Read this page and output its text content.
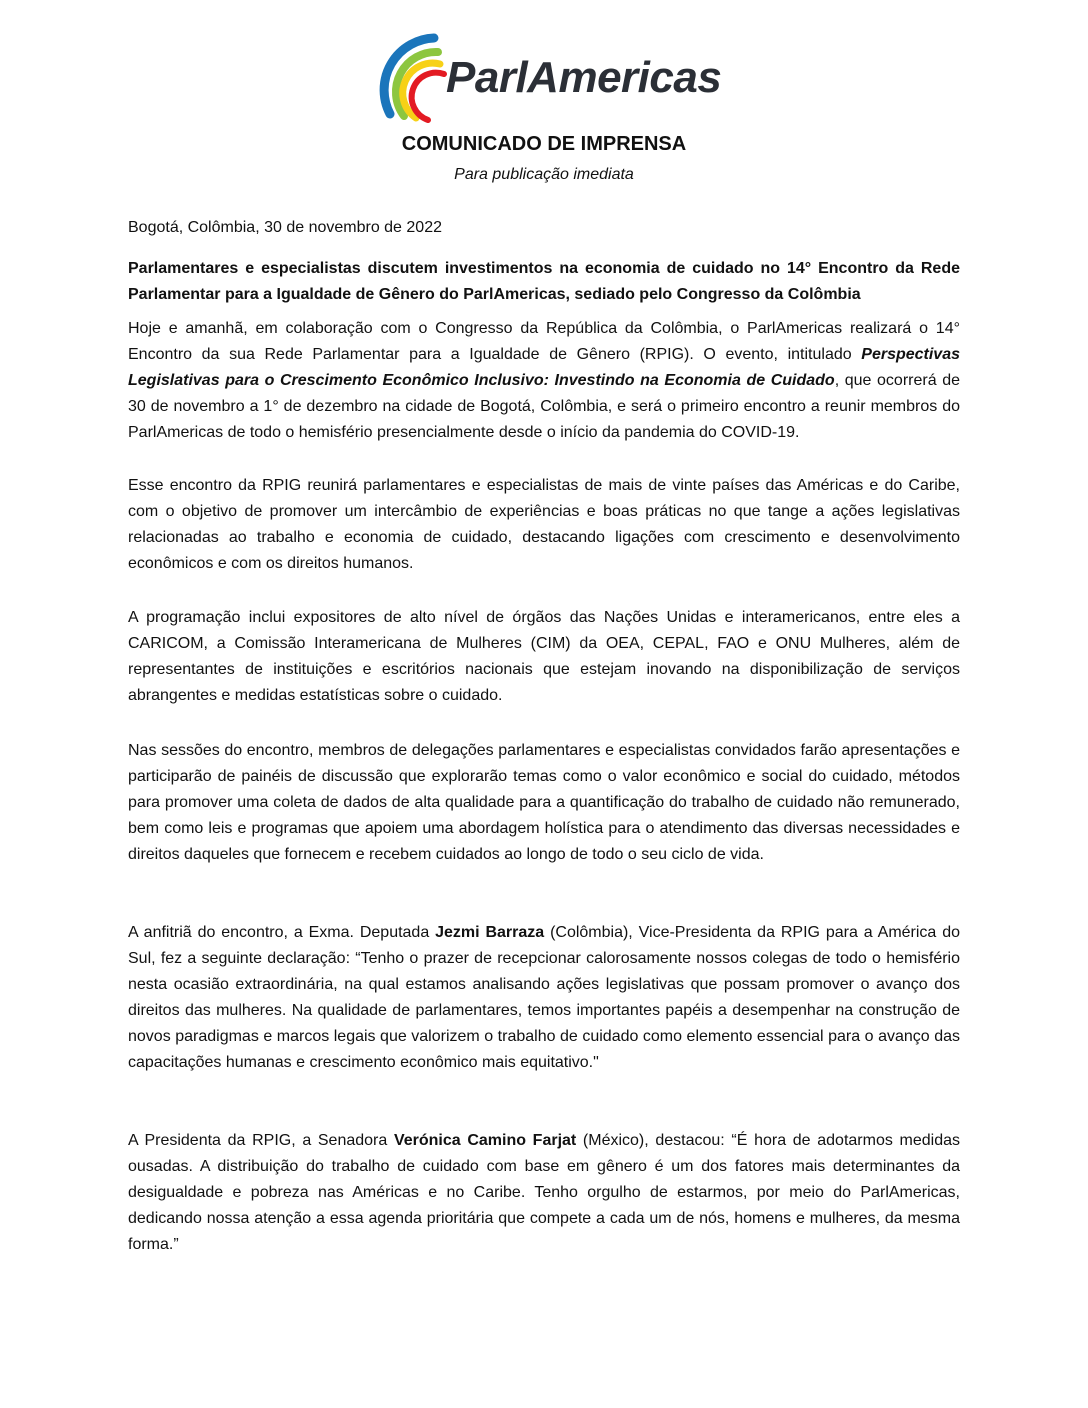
ParlAmericas
COMUNICADO DE IMPRENSA
Para publicação imediata
Bogotá, Colômbia, 30 de novembro de 2022
Parlamentares e especialistas discutem investimentos na economia de cuidado no 14° Encontro da Rede Parlamentar para a Igualdade de Gênero do ParlAmericas, sediado pelo Congresso da Colômbia
Hoje e amanhã, em colaboração com o Congresso da República da Colômbia, o ParlAmericas realizará o 14° Encontro da sua Rede Parlamentar para a Igualdade de Gênero (RPIG). O evento, intitulado Perspectivas Legislativas para o Crescimento Econômico Inclusivo: Investindo na Economia de Cuidado, que ocorrerá de 30 de novembro a 1° de dezembro na cidade de Bogotá, Colômbia, e será o primeiro encontro a reunir membros do ParlAmericas de todo o hemisfério presencialmente desde o início da pandemia do COVID-19.
Esse encontro da RPIG reunirá parlamentares e especialistas de mais de vinte países das Américas e do Caribe, com o objetivo de promover um intercâmbio de experiências e boas práticas no que tange a ações legislativas relacionadas ao trabalho e economia de cuidado, destacando ligações com crescimento e desenvolvimento econômicos e com os direitos humanos.
A programação inclui expositores de alto nível de órgãos das Nações Unidas e interamericanos, entre eles a CARICOM, a Comissão Interamericana de Mulheres (CIM) da OEA, CEPAL, FAO e ONU Mulheres, além de representantes de instituições e escritórios nacionais que estejam inovando na disponibilização de serviços abrangentes e medidas estatísticas sobre o cuidado.
Nas sessões do encontro, membros de delegações parlamentares e especialistas convidados farão apresentações e participarão de painéis de discussão que explorarão temas como o valor econômico e social do cuidado, métodos para promover uma coleta de dados de alta qualidade para a quantificação do trabalho de cuidado não remunerado, bem como leis e programas que apoiem uma abordagem holística para o atendimento das diversas necessidades e direitos daqueles que fornecem e recebem cuidados ao longo de todo o seu ciclo de vida.
A anfitriã do encontro, a Exma. Deputada Jezmi Barraza (Colômbia), Vice-Presidenta da RPIG para a América do Sul, fez a seguinte declaração: “Tenho o prazer de recepcionar calorosamente nossos colegas de todo o hemisfério nesta ocasião extraordinária, na qual estamos analisando ações legislativas que possam promover o avanço dos direitos das mulheres. Na qualidade de parlamentares, temos importantes papéis a desempenhar na construção de novos paradigmas e marcos legais que valorizem o trabalho de cuidado como elemento essencial para o avanço das capacitações humanas e crescimento econômico mais equitativo."
A Presidenta da RPIG, a Senadora Verónica Camino Farjat (México), destacou: “É hora de adotarmos medidas ousadas. A distribuição do trabalho de cuidado com base em gênero é um dos fatores mais determinantes da desigualdade e pobreza nas Américas e no Caribe. Tenho orgulho de estarmos, por meio do ParlAmericas, dedicando nossa atenção a essa agenda prioritária que compete a cada um de nós, homens e mulheres, da mesma forma.”
